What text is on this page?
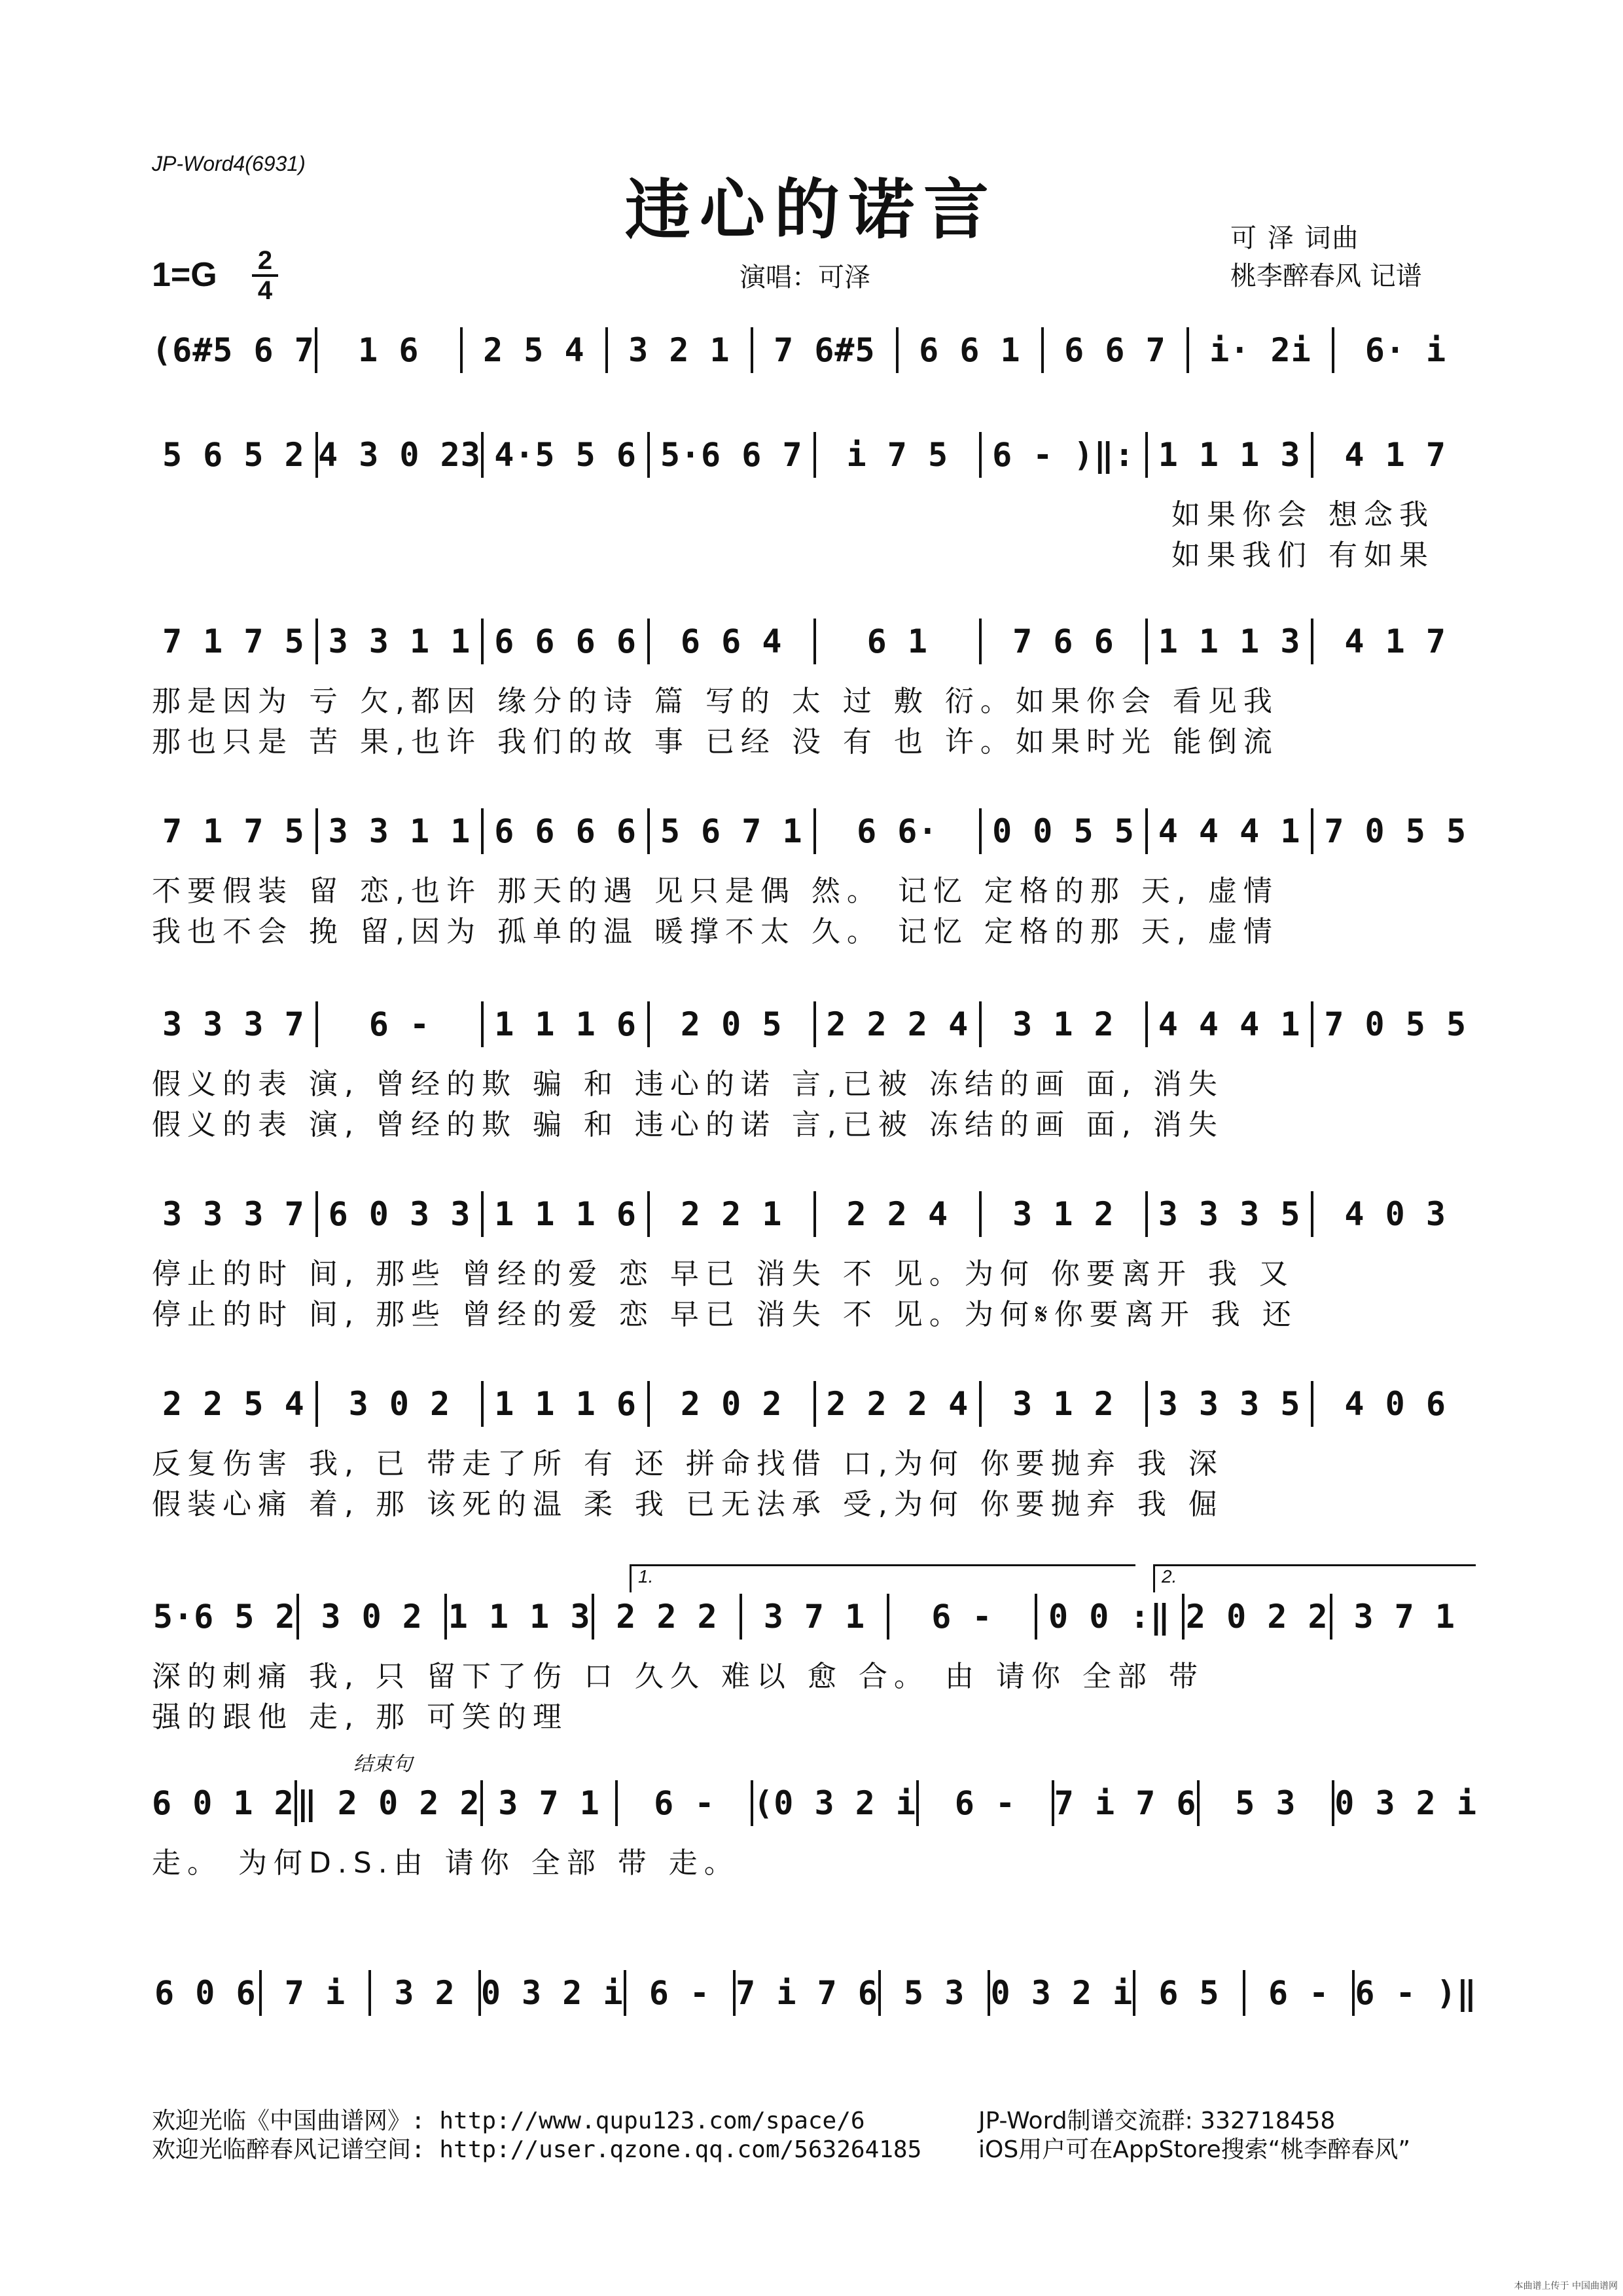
JP-Word4(6931)
违心的诺言
1=G 2
4	演唱：可泽
可 泽 词曲
桃李醉春风 记谱
(6#5 6 7	1 6	2 5 4	3 2 1	7 6#5	6 6 1	6 6 7	i· 2i	6· i
5 6 5 2 4 3 0 23 4·5 5 6 5·6 6 7	i 7 5	6 - )‖: 1 1 1 3	4 1 7
如果你会 想念我
如果我们 有如果
7 1 7 5 3 3 1 1 6 6 6 6	6 6 4	6 1	7 6 6	1 1 1 3	4 1 7
那是因为 亏 欠,都因 缘分的诗 篇 写的 太 过 敷 衍。如果你会 看见我
那也只是 苦 果,也许 我们的故 事 已经 没 有 也 许。如果时光 能倒流
7 1 7 5 3 3 1 1 6 6 6 6 5 6 7 1	6 6·	0 0 5 5 4 4 4 1 7 0 5 5
不要假装 留 恋,也许 那天的遇 见只是偶 然。 记忆 定格的那 天, 虚情
我也不会 挽 留,因为 孤单的温 暖撑不太 久。 记忆 定格的那 天, 虚情
3 3 3 7	6 -	1 1 1 6	2 0 5	2 2 2 4	3 1 2	4 4 4 1 7 0 5 5
假义的表 演, 曾经的欺 骗 和 违心的诺 言,已被 冻结的画 面, 消失
假义的表 演, 曾经的欺 骗 和 违心的诺 言,已被 冻结的画 面, 消失
3 3 3 7 6 0 3 3 1 1 1 6	2 2 1	2 2 4	3 1 2	3 3 3 5	4 0 3
停止的时 间, 那些 曾经的爱 恋 早已 消失 不 见。为何 你要离开 我 又
停止的时 间, 那些 曾经的爱 恋 早已 消失 不 见。为何𝄋你要离开 我 还
2 2 5 4	3 0 2	1 1 1 6	2 0 2	2 2 2 4	3 1 2	3 3 3 5	4 0 6
反复伤害 我, 已 带走了所 有 还 拼命找借 口,为何 你要抛弃 我 深
假装心痛 着, 那 该死的温 柔 我 已无法承 受,为何 你要抛弃 我 倔
5·6 5 2 3 0 2 1 1 1 3 2 2 2	3 7 1	6 -	0 0 :‖ 2 0 2 2 3 7 1
1.	2.
深的刺痛 我, 只 留下了伤 口 久久 难以 愈 合。 由 请你 全部 带
强的跟他 走, 那 可笑的理
6 0 1 2 ‖ 2 0 2 2 3 7 1	6 -	(0 3 2 i	6 -	7 i 7 6	5 3	0 3 2 i
结束句
走。 为何D.S.由 请你 全部 带 走。
6 0 6 7 i	3 2 0 3 2 i 6 - 7 i 7 6 5 3 0 3 2 i 6 5	6 - 6 - )‖
欢迎光临《中国曲谱网》: http://www.qupu123.com/space/6
欢迎光临醉春风记谱空间: http://user.qzone.qq.com/563264185
JP-Word制谱交流群: 332718458
iOS用户可在AppStore搜索“桃李醉春风”
本曲谱上传于 中国曲谱网
